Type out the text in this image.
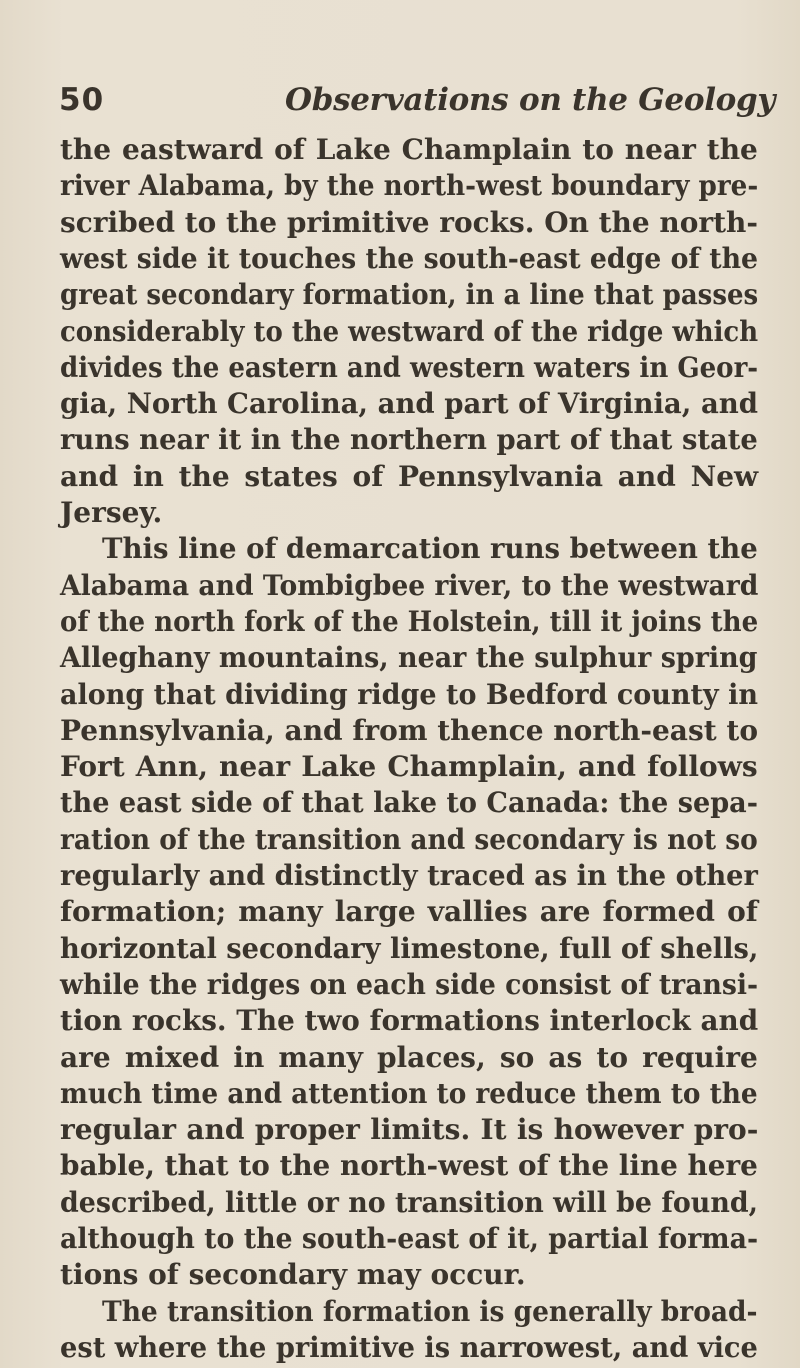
50	Observations on the Geology
the eastward of Lake Champlain to near the
river Alabama, by the north-west boundary pre-
scribed to the primitive rocks. On the north-
west side it touches the south-east edge of the
great secondary formation, in a line that passes
considerably to the westward of the ridge which
divides the eastern and western waters in Geor-
gia, North Carolina, and part of Virginia, and
runs near it in the northern part of that state
and in the states of Pennsylvania and New
Jersey.
This line of demarcation runs between the
Alabama and Tombigbee river, to the westward
of the north fork of the Holstein, till it joins the
Alleghany mountains, near the sulphur spring
along that dividing ridge to Bedford county in
Pennsylvania, and from thence north-east to
Fort Ann, near Lake Champlain, and follows
the east side of that lake to Canada: the sepa-
ration of the transition and secondary is not so
regularly and distinctly traced as in the other
formation; many large vallies are formed of
horizontal secondary limestone, full of shells,
while the ridges on each side consist of transi-
tion rocks. The two formations interlock and
are mixed in many places, so as to require
much time and attention to reduce them to the
regular and proper limits. It is however pro-
bable, that to the north-west of the line here
described, little or no transition will be found,
although to the south-east of it, partial forma-
tions of secondary may occur.
The transition formation is generally broad-
est where the primitive is narrowest, and vice
